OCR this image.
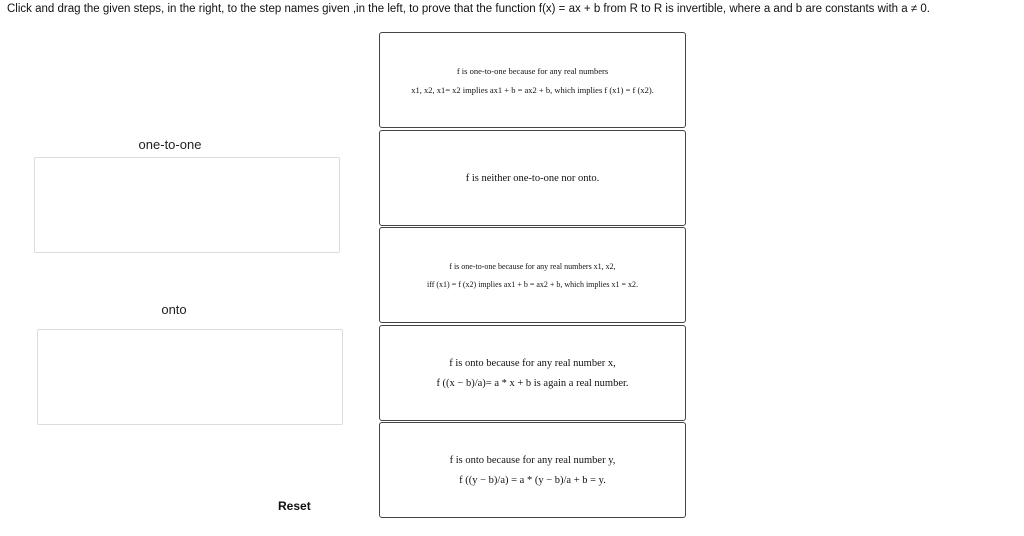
Click and drag the given steps, in the right, to the step names given ,in the left, to prove that the function f(x) = ax + b from R to R is invertible, where a and b are constants with a ≠ 0.
one-to-one
onto
Reset
f is one-to-one because for any real numbers
x1, x2, x1= x2 implies ax1 + b = ax2 + b, which implies f (x1) = f (x2).
f is neither one-to-one nor onto.
f is one-to-one because for any real numbers x1, x2,
iff (x1) = f (x2) implies ax1 + b = ax2 + b, which implies x1 = x2.
f is onto because for any real number x,
f ((x − b)/a)= a * x + b is again a real number.
f is onto because for any real number y,
f ((y − b)/a) = a * (y − b)/a + b = y.
